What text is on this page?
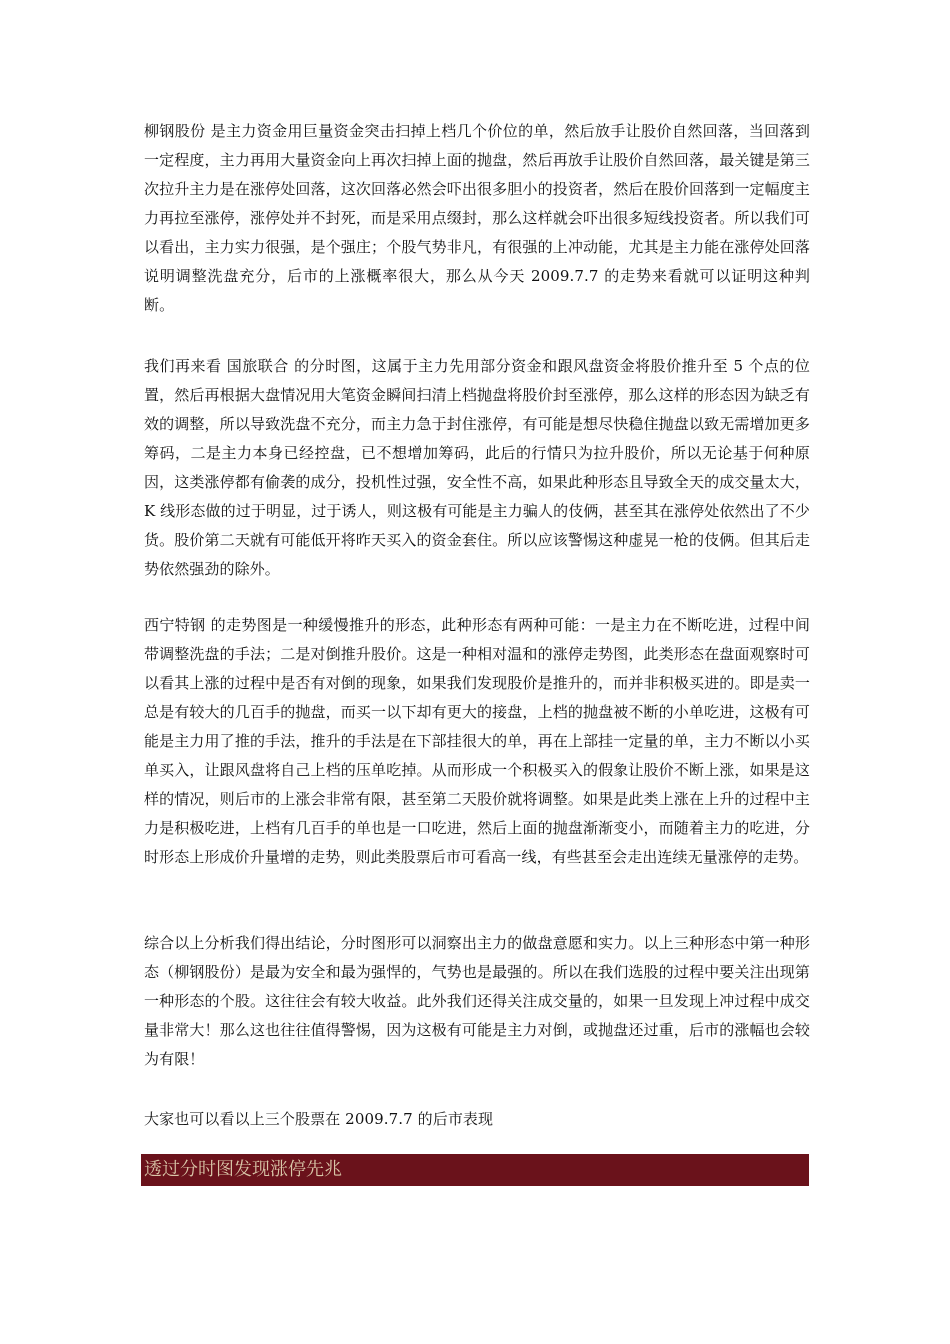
柳钢股份 是主力资金用巨量资金突击扫掉上档几个价位的单，然后放手让股价自然回落，当回落到一定程度，主力再用大量资金向上再次扫掉上面的抛盘，然后再放手让股价自然回落，最关键是第三次拉升主力是在涨停处回落，这次回落必然会吓出很多胆小的投资者，然后在股价回落到一定幅度主力再拉至涨停，涨停处并不封死，而是采用点缀封，那么这样就会吓出很多短线投资者。所以我们可以看出，主力实力很强，是个强庄；个股气势非凡，有很强的上冲动能，尤其是主力能在涨停处回落说明调整洗盘充分，后市的上涨概率很大，那么从今天 2009.7.7 的走势来看就可以证明这种判断。

我们再来看 国旅联合 的分时图，这属于主力先用部分资金和跟风盘资金将股价推升至 5 个点的位置，然后再根据大盘情况用大笔资金瞬间扫清上档抛盘将股价封至涨停，那么这样的形态因为缺乏有效的调整，所以导致洗盘不充分，而主力急于封住涨停，有可能是想尽快稳住抛盘以致无需增加更多筹码，二是主力本身已经控盘，已不想增加筹码，此后的行情只为拉升股价，所以无论基于何种原因，这类涨停都有偷袭的成分，投机性过强，安全性不高，如果此种形态且导致全天的成交量太大，K 线形态做的过于明显，过于诱人，则这极有可能是主力骗人的伎俩，甚至其在涨停处依然出了不少货。股价第二天就有可能低开将昨天买入的资金套住。所以应该警惕这种虚晃一枪的伎俩。但其后走势依然强劲的除外。

西宁特钢 的走势图是一种缓慢推升的形态，此种形态有两种可能：一是主力在不断吃进，过程中间带调整洗盘的手法；二是对倒推升股价。这是一种相对温和的涨停走势图，此类形态在盘面观察时可以看其上涨的过程中是否有对倒的现象，如果我们发现股价是推升的，而并非积极买进的。即是卖一总是有较大的几百手的抛盘，而买一以下却有更大的接盘，上档的抛盘被不断的小单吃进，这极有可能是主力用了推的手法，推升的手法是在下部挂很大的单，再在上部挂一定量的单，主力不断以小买单买入，让跟风盘将自己上档的压单吃掉。从而形成一个积极买入的假象让股价不断上涨，如果是这样的情况，则后市的上涨会非常有限，甚至第二天股价就将调整。如果是此类上涨在上升的过程中主力是积极吃进，上档有几百手的单也是一口吃进，然后上面的抛盘渐渐变小，而随着主力的吃进，分时形态上形成价升量增的走势，则此类股票后市可看高一线，有些甚至会走出连续无量涨停的走势。

综合以上分析我们得出结论，分时图形可以洞察出主力的做盘意愿和实力。以上三种形态中第一种形态（柳钢股份）是最为安全和最为强悍的，气势也是最强的。所以在我们选股的过程中要关注出现第一种形态的个股。这往往会有较大收益。此外我们还得关注成交量的，如果一旦发现上冲过程中成交量非常大！那么这也往往值得警惕，因为这极有可能是主力对倒，或抛盘还过重，后市的涨幅也会较为有限！

大家也可以看以上三个股票在 2009.7.7 的后市表现

透过分时图发现涨停先兆
